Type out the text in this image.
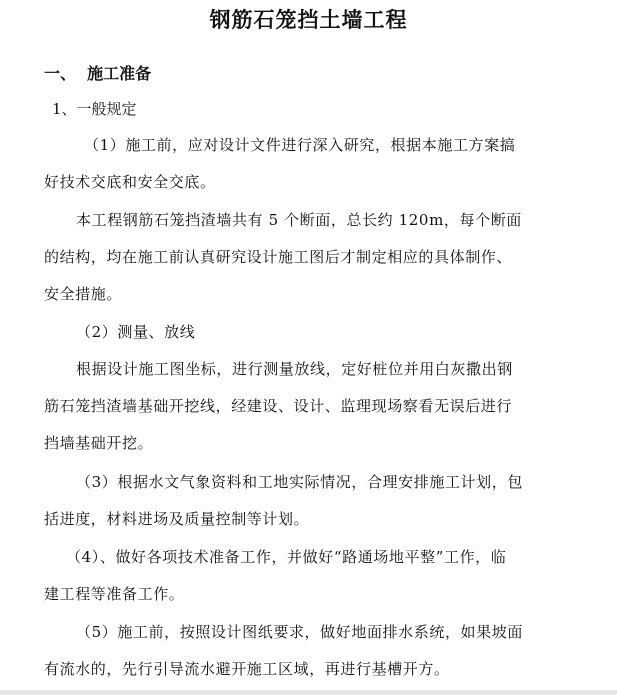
钢筋石笼挡土墙工程
一、 施工准备
1、一般规定
（1）施工前，应对设计文件进行深入研究，根据本施工方案搞
好技术交底和安全交底。
本工程钢筋石笼挡渣墙共有 5 个断面，总长约 120m，每个断面
的结构，均在施工前认真研究设计施工图后才制定相应的具体制作、
安全措施。
（2）测量、放线
根据设计施工图坐标，进行测量放线，定好桩位并用白灰撒出钢
筋石笼挡渣墙基础开挖线，经建设、设计、监理现场察看无误后进行
挡墙基础开挖。
（3）根据水文气象资料和工地实际情况，合理安排施工计划，包
括进度，材料进场及质量控制等计划。
（4）、做好各项技术准备工作，并做好“路通场地平整”工作，临
建工程等准备工作。
（5）施工前，按照设计图纸要求，做好地面排水系统，如果坡面
有流水的，先行引导流水避开施工区域，再进行基槽开方。
